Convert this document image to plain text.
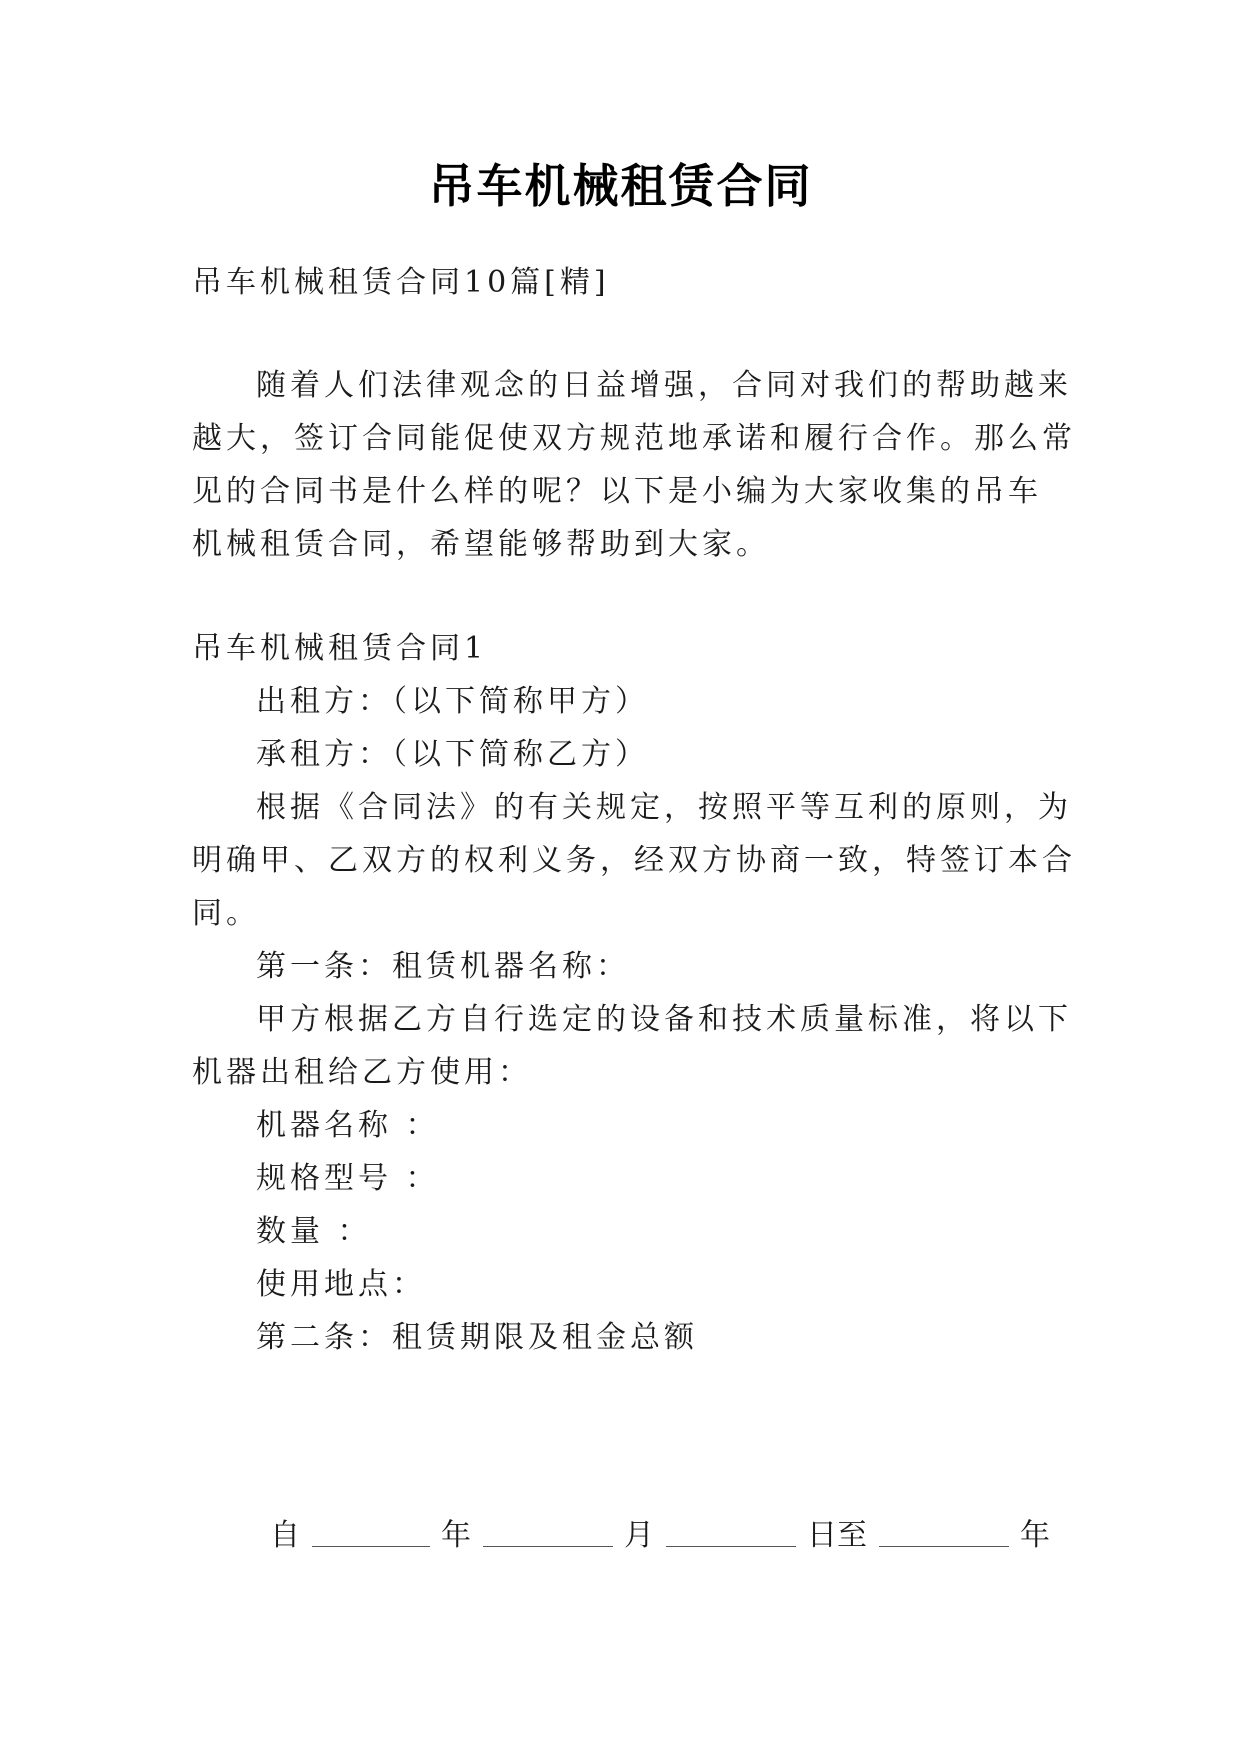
吊车机械租赁合同
吊车机械租赁合同10篇[精]
随着人们法律观念的日益增强，合同对我们的帮助越来
越大，签订合同能促使双方规范地承诺和履行合作。那么常
见的合同书是什么样的呢？以下是小编为大家收集的吊车
机械租赁合同，希望能够帮助到大家。
吊车机械租赁合同1
出租方：（以下简称甲方）
承租方：（以下简称乙方）
根据《合同法》的有关规定，按照平等互利的原则，为
明确甲、乙双方的权利义务，经双方协商一致，特签订本合
同。
第一条：租赁机器名称：
甲方根据乙方自行选定的设备和技术质量标准，将以下
机器出租给乙方使用：
机器名称 ：
规格型号 ：
数量 ：
使用地点：
第二条：租赁期限及租金总额
自	年	月	日至	年
